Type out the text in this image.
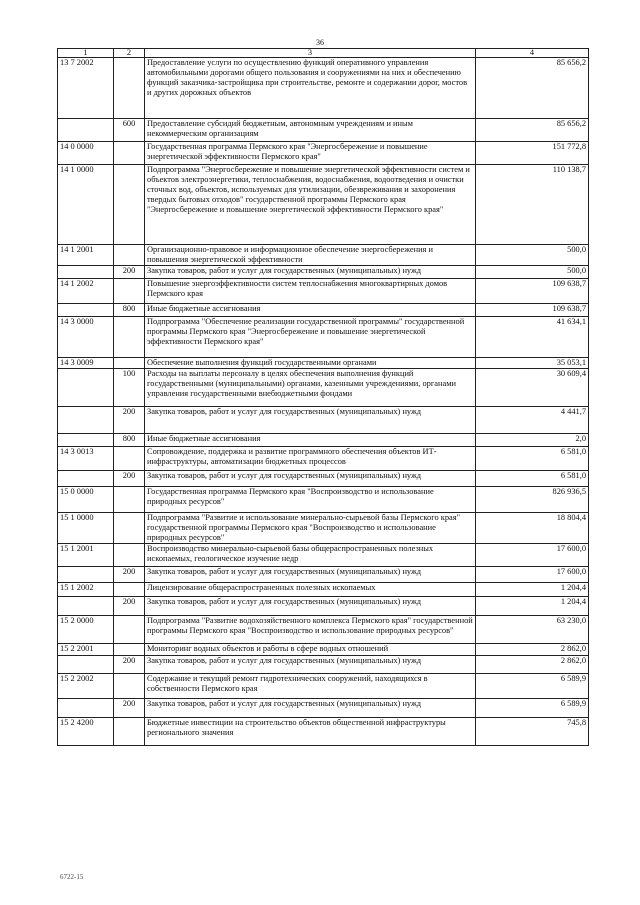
36
1	2	3	4
13 7 2002		Предоставление услуги по осуществлению функций оперативного управления автомобильными дорогами общего пользования и сооружениями на них и обеспечению функций заказчика-застройщика при строительстве, ремонте и содержании дорог, мостов и других дорожных объектов	85 656,2
	600	Предоставление субсидий бюджетным, автономным учреждениям и иным некоммерческим организациям	85 656,2
14 0 0000		Государственная программа Пермского края "Энергосбережение и повышение энергетической эффективности Пермского края"	151 772,8
14 1 0000		Подпрограмма "Энергосбережение и повышение энергетической эффективности систем и объектов электроэнергетики, теплоснабжения, водоснабжения, водоотведения и очистки сточных вод, объектов, используемых для утилизации, обезвреживания и захоронения твердых бытовых отходов" государственной программы Пермского края "Энергосбережение и повышение энергетической эффективности Пермского края"	110 138,7
14 1 2001		Организационно-правовое и информационное обеспечение энергосбережения и повышения энергетической эффективности	500,0
	200	Закупка товаров, работ и услуг для государственных (муниципальных) нужд	500,0
14 1 2002		Повышение энергоэффективности систем теплоснабжения многоквартирных домов Пермского края	109 638,7
	800	Иные бюджетные ассигнования	109 638,7
14 3 0000		Подпрограмма "Обеспечение реализации государственной программы" государственной программы Пермского края "Энергосбережение и повышение энергетической эффективности Пермского края"	41 634,1
14 3 0009		Обеспечение выполнения функций государственными органами	35 053,1
	100	Расходы на выплаты персоналу в целях обеспечения выполнения функций государственными (муниципальными) органами, казенными учреждениями, органами управления государственными внебюджетными фондами	30 609,4
	200	Закупка товаров, работ и услуг для государственных (муниципальных) нужд	4 441,7
	800	Иные бюджетные ассигнования	2,0
14 3 0013		Сопровождение, поддержка и развитие программного обеспечения объектов ИТ-инфраструктуры, автоматизации бюджетных процессов	6 581,0
	200	Закупка товаров, работ и услуг для государственных (муниципальных) нужд	6 581,0
15 0 0000		Государственная программа Пермского края "Воспроизводство и использование природных ресурсов"	826 936,5
15 1 0000		Подпрограмма "Развитие и использование минерально-сырьевой базы Пермского края" государственной программы Пермского края "Воспроизводство и использование природных ресурсов"	18 804,4
15 1 2001		Воспроизводство минерально-сырьевой базы общераспространенных полезных ископаемых, геологическое изучение недр	17 600,0
	200	Закупка товаров, работ и услуг для государственных (муниципальных) нужд	17 600,0
15 1 2002		Лицензирование общераспространенных полезных ископаемых	1 204,4
	200	Закупка товаров, работ и услуг для государственных (муниципальных) нужд	1 204,4
15 2 0000		Подпрограмма "Развитие водохозяйственного комплекса Пермского края" государственной программы Пермского края "Воспроизводство и использование природных ресурсов"	63 230,0
15 2 2001		Мониторинг водных объектов и работы в сфере водных отношений	2 862,0
	200	Закупка товаров, работ и услуг для государственных (муниципальных) нужд	2 862,0
15 2 2002		Содержание и текущий ремонт гидротехнических сооружений, находящихся в собственности Пермского края	6 589,9
	200	Закупка товаров, работ и услуг для государственных (муниципальных) нужд	6 589,9
15 2 4200		Бюджетные инвестиции на строительство объектов общественной инфраструктуры регионального значения	745,8
6722-15
